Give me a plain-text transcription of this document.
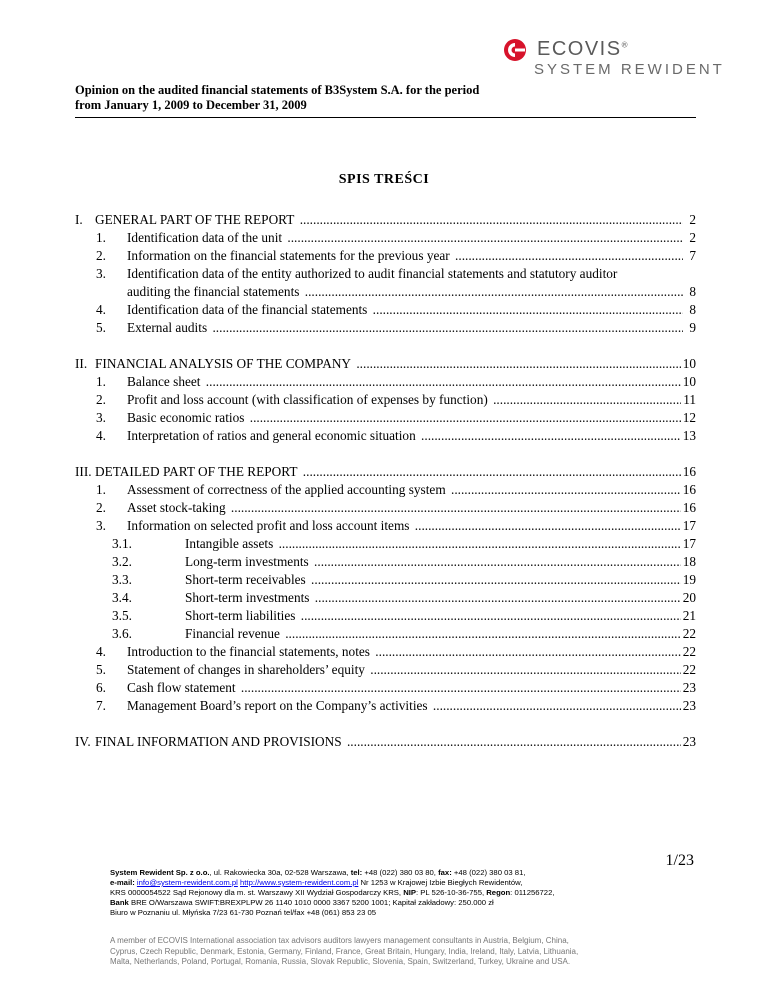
ECOVIS®
SYSTEM REWIDENT
Opinion on the audited financial statements of B3System S.A. for the period
from January 1, 2009 to December 31, 2009
SPIS TREŚCI
I. GENERAL PART OF THE REPORT .....	2
1. Identification data of the unit .....	2
2. Information on the financial statements for the previous year .....	7
3. Identification data of the entity authorized to audit financial statements and statutory auditor
auditing the financial statements .....	8
4. Identification data of the financial statements .....	8
5. External audits .....	9
II. FINANCIAL ANALYSIS OF THE COMPANY .....	10
1. Balance sheet .....	10
2. Profit and loss account (with classification of expenses by function) .....	11
3. Basic economic ratios .....	12
4. Interpretation of ratios and general economic situation .....	13
III. DETAILED PART OF THE REPORT .....	16
1. Assessment of correctness of the applied accounting system .....	16
2. Asset stock-taking .....	16
3. Information on selected profit and loss account items .....	17
3.1.	Intangible assets .....	17
3.2.	Long-term investments .....	18
3.3.	Short-term receivables .....	19
3.4.	Short-term investments .....	20
3.5.	Short-term liabilities .....	21
3.6.	Financial revenue .....	22
4. Introduction to the financial statements, notes .....	22
5. Statement of changes in shareholders’ equity .....	22
6. Cash flow statement .....	23
7. Management Board’s report on the Company’s activities .....	23
IV. FINAL INFORMATION AND PROVISIONS .....	23
1/23
System Rewident Sp. z o.o., ul. Rakowiecka 30a, 02-528 Warszawa, tel: +48 (022) 380 03 80, fax: +48 (022) 380 03 81,
e-mail: info@system-rewident.com.pl http://www.system-rewident.com.pl Nr 1253 w Krajowej Izbie Biegłych Rewidentów,
KRS 0000054522 Sąd Rejonowy dla m. st. Warszawy XII Wydział Gospodarczy KRS, NIP: PL 526-10-36-755, Regon: 011256722,
Bank BRE O/Warszawa SWIFT:BREXPLPW 26 1140 1010 0000 3367 5200 1001; Kapitał zakładowy: 250.000 zł
Biuro w Poznaniu ul. Młyńska 7/23 61-730 Poznań tel/fax +48 (061) 853 23 05
A member of ECOVIS International association tax advisors auditors lawyers management consultants in Austria, Belgium, China,
Cyprus, Czech Republic, Denmark, Estonia, Germany, Finland, France, Great Britain, Hungary, India, Ireland, Italy, Latvia, Lithuania,
Malta, Netherlands, Poland, Portugal, Romania, Russia, Slovak Republic, Slovenia, Spain, Switzerland, Turkey, Ukraine and USA.
